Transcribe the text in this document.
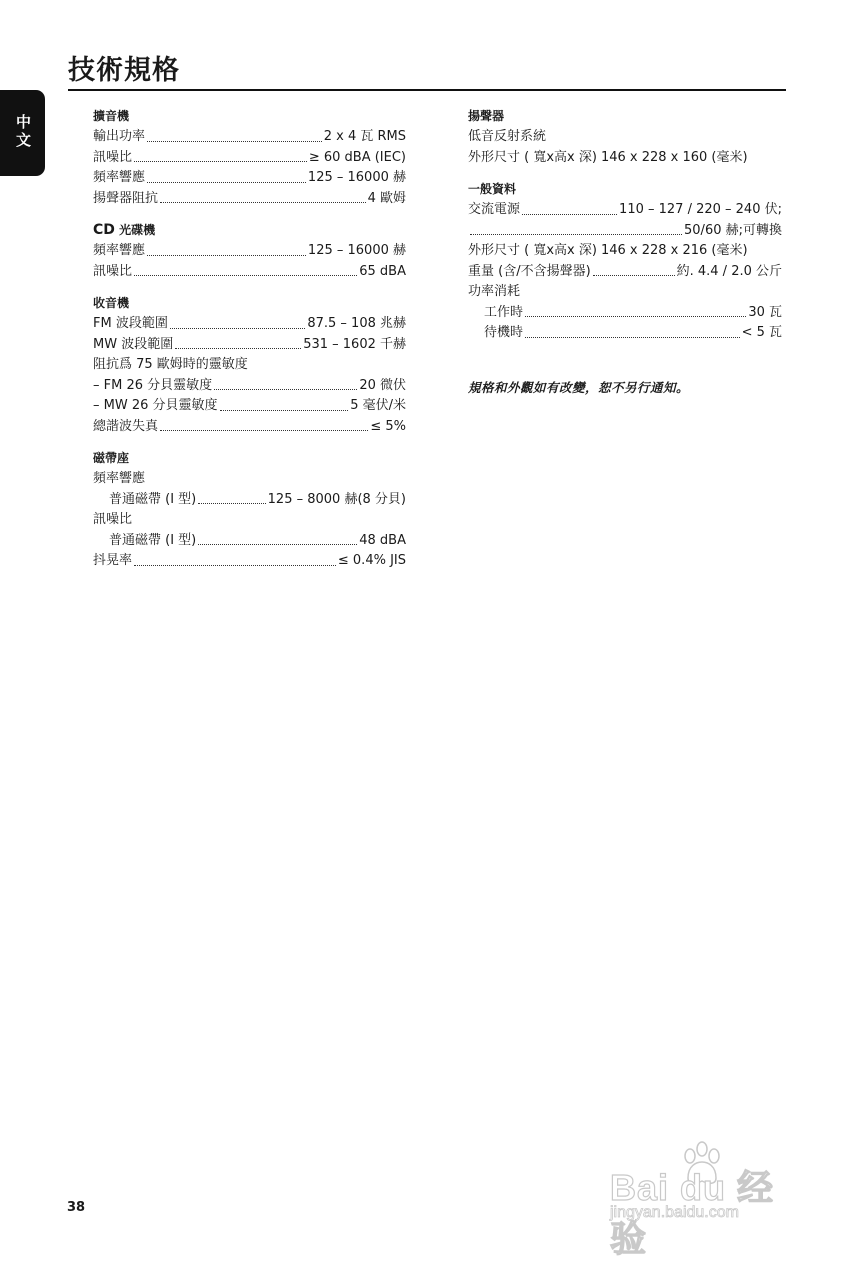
技術規格
中文	擴音機
輸出功率	2 x 4 瓦 RMS
訊噪比	≥ 60 dBA (IEC)
頻率響應	125 – 16000 赫
揚聲器阻抗	4 歐姆
CD 光碟機
頻率響應	125 – 16000 赫
訊噪比	65 dBA
收音機
FM 波段範圍	87.5 – 108 兆赫
MW 波段範圍	531 – 1602 千赫
阻抗爲 75 歐姆時的靈敏度
– FM 26 分貝靈敏度	20 微伏
– MW 26 分貝靈敏度	5 毫伏/米
總諧波失真	≤ 5%
磁帶座
頻率響應
普通磁帶 (I 型)	125 – 8000 赫(8 分貝)
訊噪比
普通磁帶 (I 型)	48 dBA
抖晃率	≤ 0.4% JIS
揚聲器
低音反射系統
外形尺寸 ( 寬x高x 深) 146 x 228 x 160 (毫米)
一般資料
交流電源	110 – 127 / 220 – 240 伏;
50/60 赫;可轉換
外形尺寸 ( 寬x高x 深) 146 x 228 x 216 (毫米)
重量 (含/不含揚聲器)	約. 4.4 / 2.0 公斤
功率消耗
工作時	30 瓦
待機時	< 5 瓦
規格和外觀如有改變，恕不另行通知。
38	Bai du 经验
jingyan.baidu.com
